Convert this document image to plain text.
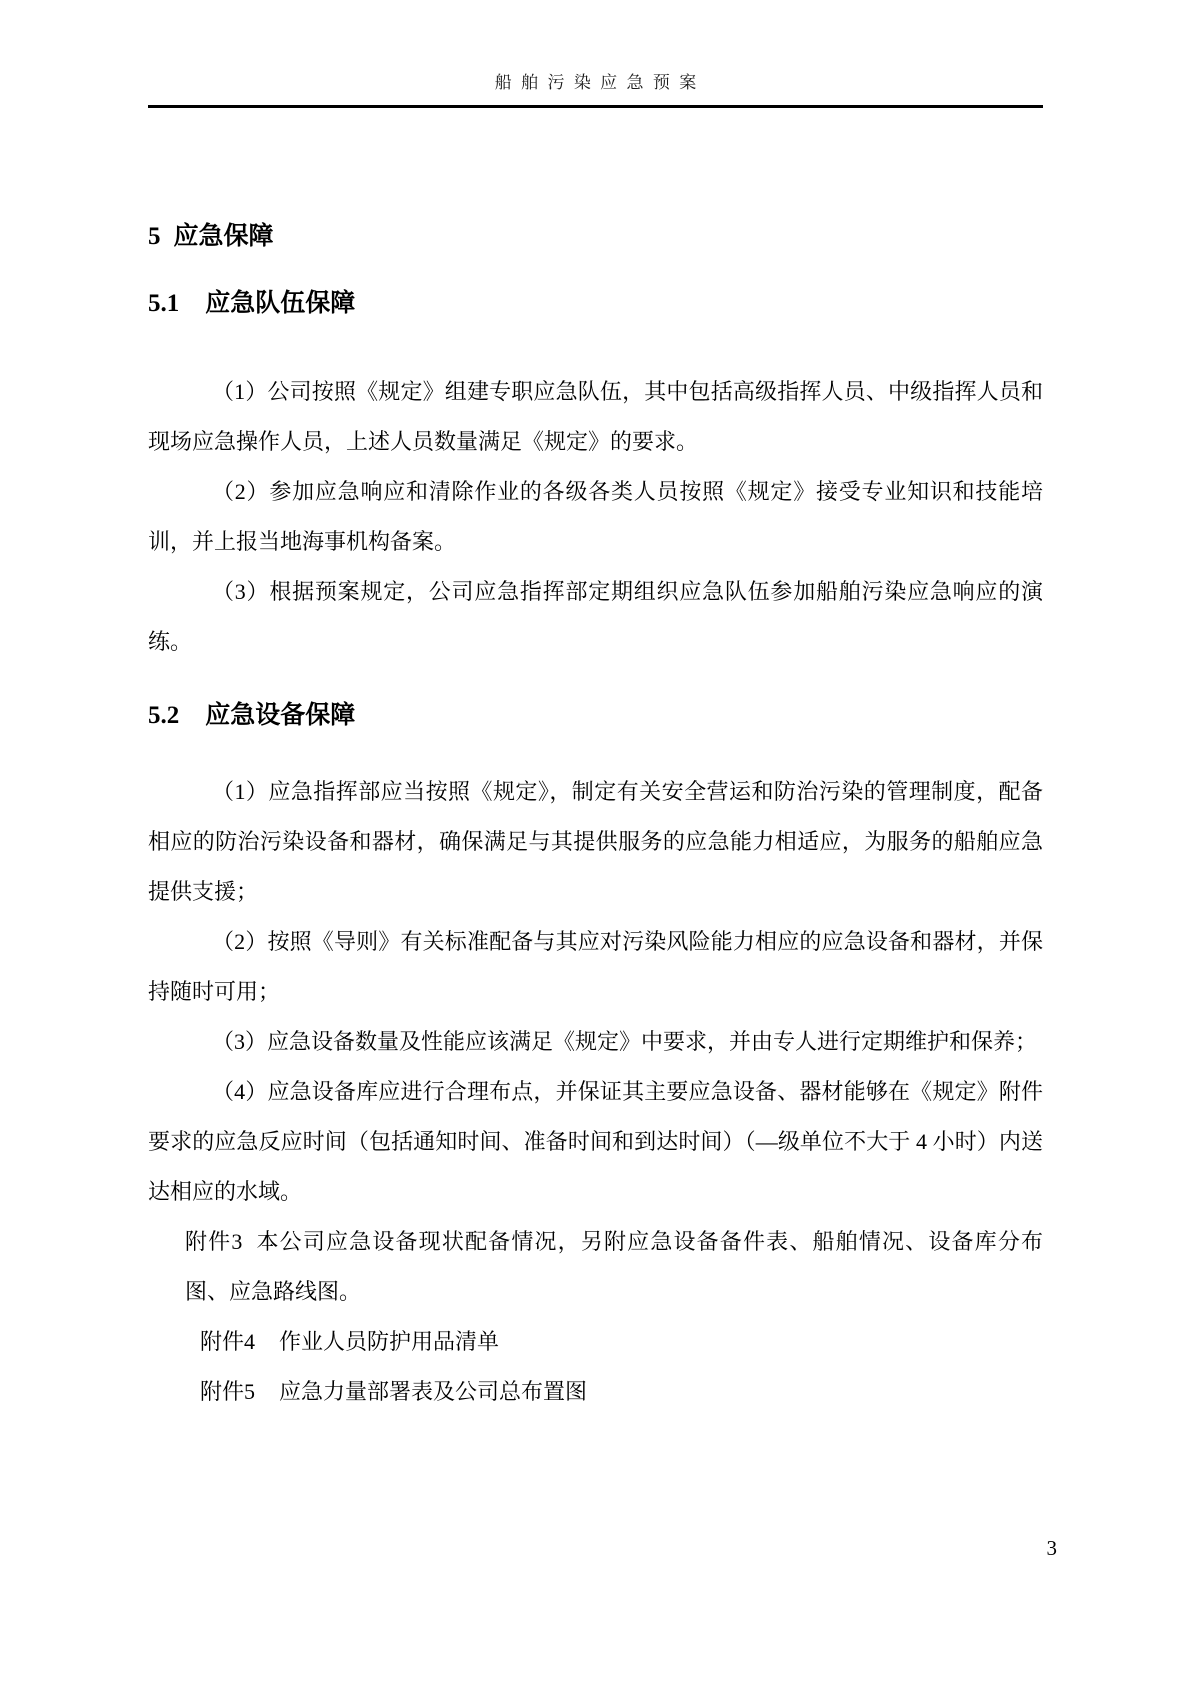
船舶污染应急预案
5 应急保障
5.1 应急队伍保障

（1）公司按照《规定》组建专职应急队伍，其中包括高级指挥人员、中级指挥人员和现场应急操作人员，上述人员数量满足《规定》的要求。

（2）参加应急响应和清除作业的各级各类人员按照《规定》接受专业知识和技能培训，并上报当地海事机构备案。

（3）根据预案规定，公司应急指挥部定期组织应急队伍参加船舶污染应急响应的演练。

5.2 应急设备保障

（1）应急指挥部应当按照《规定》，制定有关安全营运和防治污染的管理制度，配备相应的防治污染设备和器材，确保满足与其提供服务的应急能力相适应，为服务的船舶应急提供支援；

（2）按照《导则》有关标准配备与其应对污染风险能力相应的应急设备和器材，并保持随时可用；

（3）应急设备数量及性能应该满足《规定》中要求，并由专人进行定期维护和保养；

（4）应急设备库应进行合理布点，并保证其主要应急设备、器材能够在《规定》附件要求的应急反应时间（包括通知时间、准备时间和到达时间）（—级单位不大于 4 小时）内送达相应的水域。

附件3 本公司应急设备现状配备情况，另附应急设备备件表、船舶情况、设备库分布图、应急路线图。

附件4 作业人员防护用品清单

附件5 应急力量部署表及公司总布置图

3
